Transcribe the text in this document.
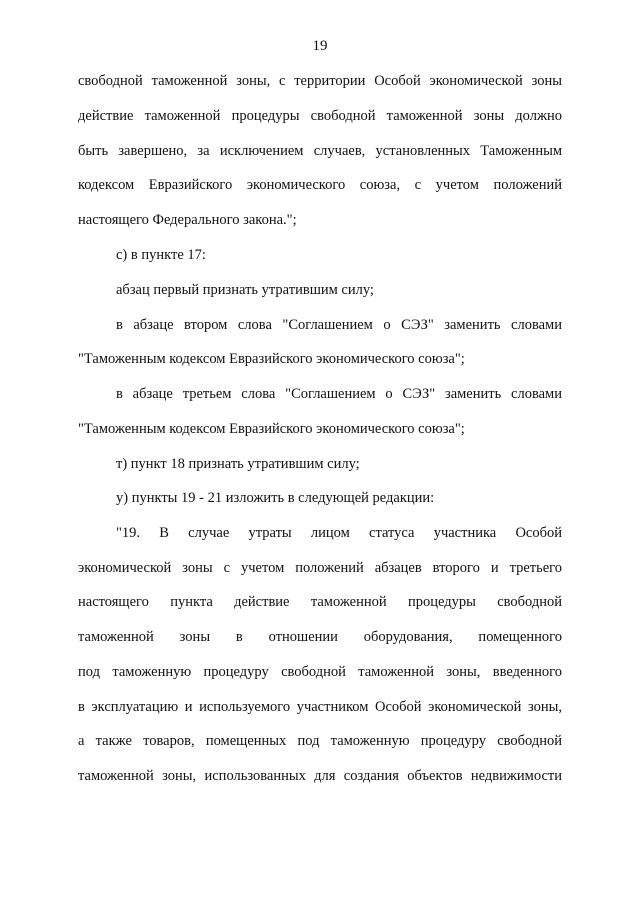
19
свободной таможенной зоны, с территории Особой экономической зоны
действие таможенной процедуры свободной таможенной зоны должно
быть завершено, за исключением случаев, установленных Таможенным
кодексом Евразийского экономического союза, с учетом положений
настоящего Федерального закона.";
с) в пункте 17:
абзац первый признать утратившим силу;
в абзаце втором слова "Соглашением о СЭЗ" заменить словами
"Таможенным кодексом Евразийского экономического союза";
в абзаце третьем слова "Соглашением о СЭЗ" заменить словами
"Таможенным кодексом Евразийского экономического союза";
т) пункт 18 признать утратившим силу;
у) пункты 19 - 21 изложить в следующей редакции:
"19. В случае утраты лицом статуса участника Особой
экономической зоны с учетом положений абзацев второго и третьего
настоящего пункта действие таможенной процедуры свободной
таможенной зоны в отношении оборудования, помещенного
под таможенную процедуру свободной таможенной зоны, введенного
в эксплуатацию и используемого участником Особой экономической зоны,
а также товаров, помещенных под таможенную процедуру свободной
таможенной зоны, использованных для создания объектов недвижимости
